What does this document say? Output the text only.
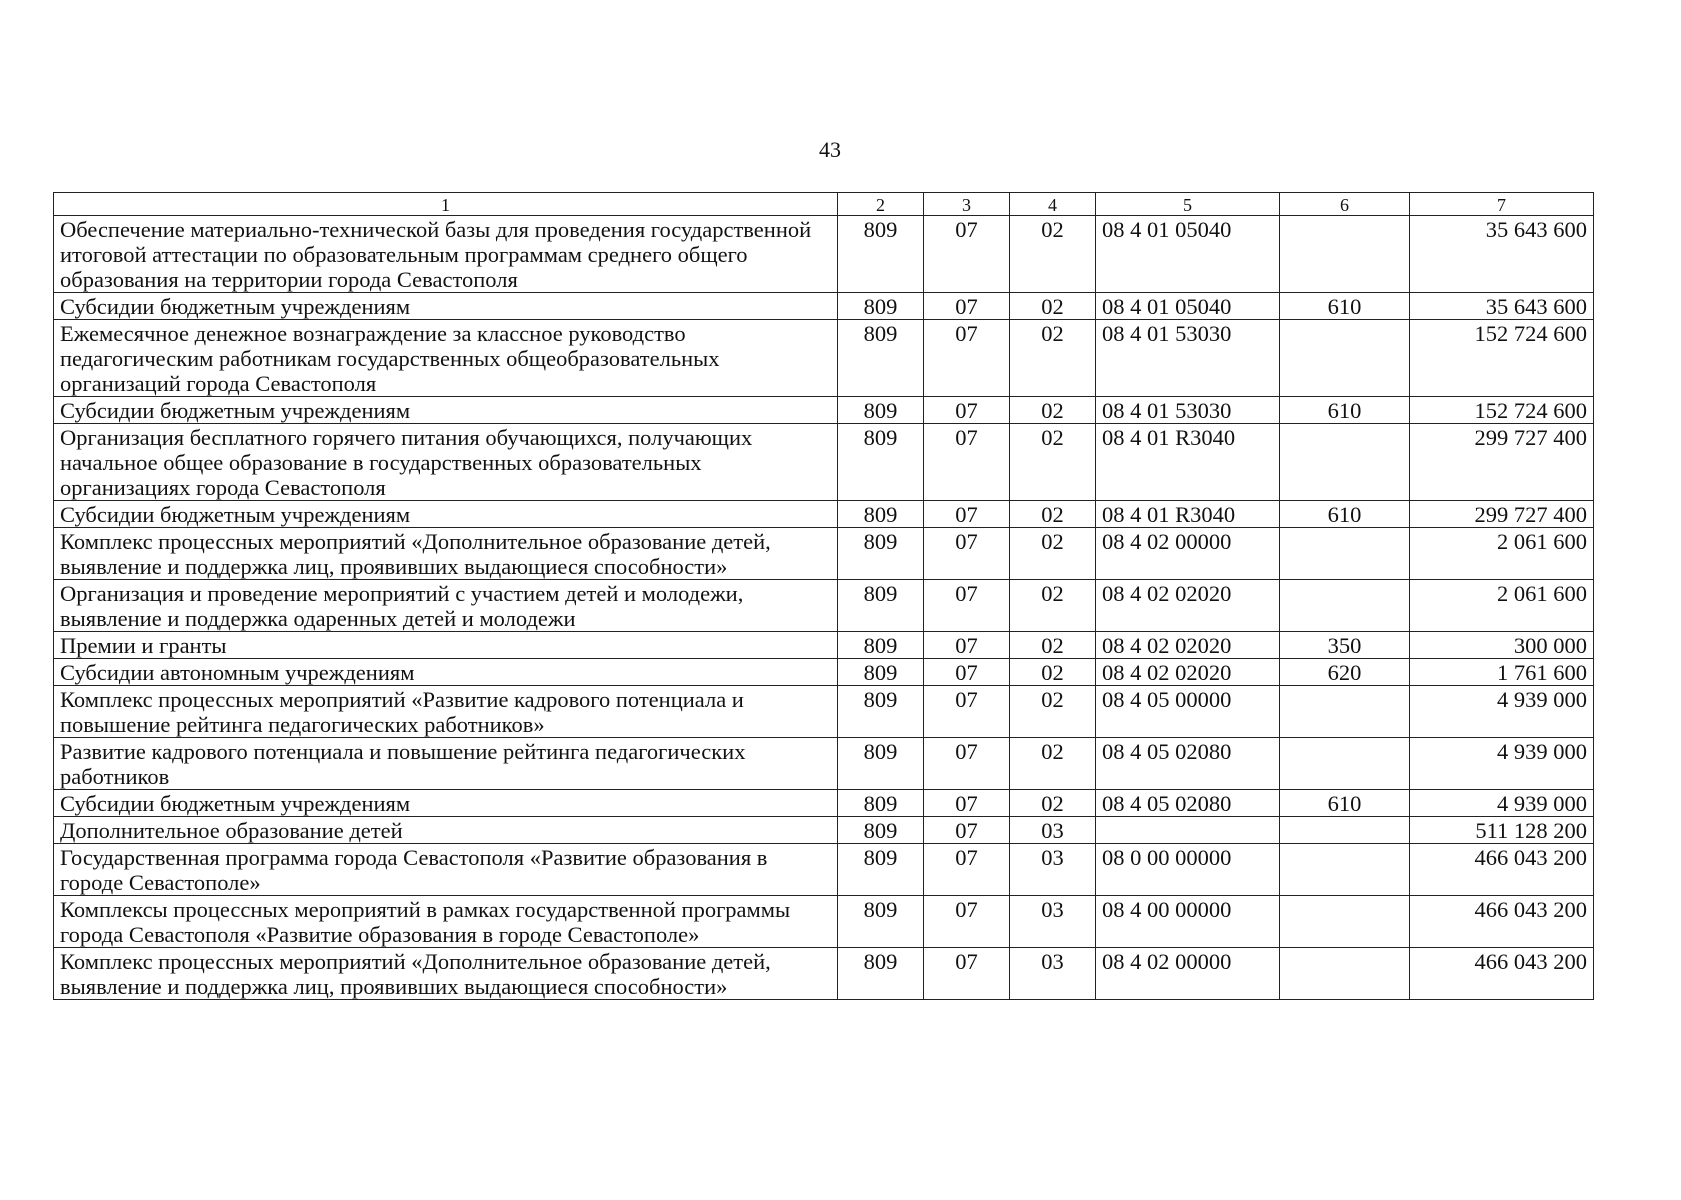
43
1	2	3	4	5	6	7
Обеспечение материально-технической базы для проведения государственной итоговой аттестации по образовательным программам среднего общего образования на территории города Севастополя	809	07	02	08 4 01 05040		35 643 600
Субсидии бюджетным учреждениям	809	07	02	08 4 01 05040	610	35 643 600
Ежемесячное денежное вознаграждение за классное руководство педагогическим работникам государственных общеобразовательных организаций города Севастополя	809	07	02	08 4 01 53030		152 724 600
Субсидии бюджетным учреждениям	809	07	02	08 4 01 53030	610	152 724 600
Организация бесплатного горячего питания обучающихся, получающих начальное общее образование в государственных образовательных организациях города Севастополя	809	07	02	08 4 01 R3040		299 727 400
Субсидии бюджетным учреждениям	809	07	02	08 4 01 R3040	610	299 727 400
Комплекс процессных мероприятий «Дополнительное образование детей, выявление и поддержка лиц, проявивших выдающиеся способности»	809	07	02	08 4 02 00000		2 061 600
Организация и проведение мероприятий с участием детей и молодежи, выявление и поддержка одаренных детей и молодежи	809	07	02	08 4 02 02020		2 061 600
Премии и гранты	809	07	02	08 4 02 02020	350	300 000
Субсидии автономным учреждениям	809	07	02	08 4 02 02020	620	1 761 600
Комплекс процессных мероприятий «Развитие кадрового потенциала и повышение рейтинга педагогических работников»	809	07	02	08 4 05 00000		4 939 000
Развитие кадрового потенциала и повышение рейтинга педагогических работников	809	07	02	08 4 05 02080		4 939 000
Субсидии бюджетным учреждениям	809	07	02	08 4 05 02080	610	4 939 000
Дополнительное образование детей	809	07	03			511 128 200
Государственная программа города Севастополя «Развитие образования в городе Севастополе»	809	07	03	08 0 00 00000		466 043 200
Комплексы процессных мероприятий в рамках государственной программы города Севастополя «Развитие образования в городе Севастополе»	809	07	03	08 4 00 00000		466 043 200
Комплекс процессных мероприятий «Дополнительное образование детей, выявление и поддержка лиц, проявивших выдающиеся способности»	809	07	03	08 4 02 00000		466 043 200
